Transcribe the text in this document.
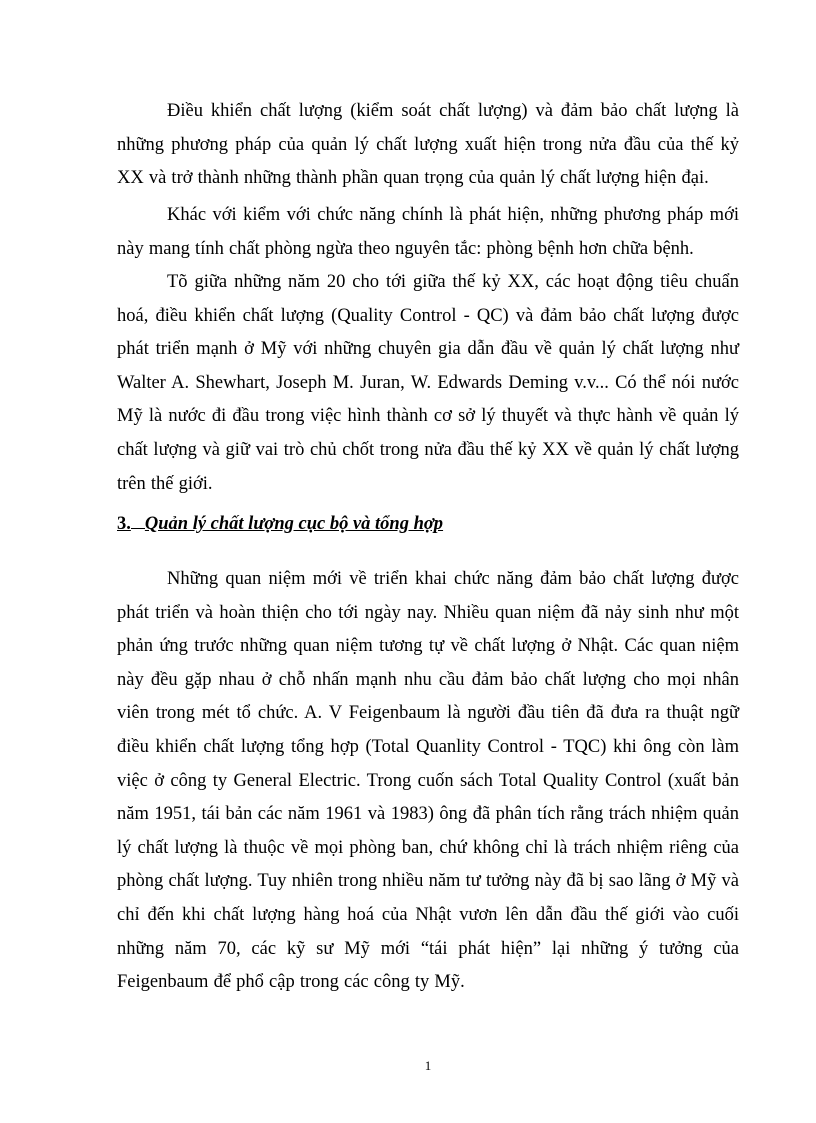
Điều khiển chất lượng (kiểm soát chất lượng) và đảm bảo chất lượng là những phương pháp của quản lý chất lượng xuất hiện trong nửa đầu của thế kỷ XX và trở thành những thành phần quan trọng của quản lý chất lượng hiện đại.

Khác với kiểm với chức năng chính là phát hiện, những phương pháp mới này mang tính chất phòng ngừa theo nguyên tắc: phòng bệnh hơn chữa bệnh.

Tõ giữa những năm 20 cho tới giữa thế kỷ XX, các hoạt động tiêu chuẩn hoá, điều khiển chất lượng (Quality Control - QC) và đảm bảo chất lượng được phát triển mạnh ở Mỹ với những chuyên gia dẫn đầu về quản lý chất lượng như Walter A. Shewhart, Joseph M. Juran, W. Edwards Deming v.v... Có thể nói nước Mỹ là nước đi đầu trong việc hình thành cơ sở lý thuyết và thực hành về quản lý chất lượng và giữ vai trò chủ chốt trong nửa đầu thế kỷ XX về quản lý chất lượng trên thế giới.

3. Quản lý chất lượng cục bộ và tổng hợp

Những quan niệm mới về triển khai chức năng đảm bảo chất lượng được phát triển và hoàn thiện cho tới ngày nay. Nhiều quan niệm đã nảy sinh như một phản ứng trước những quan niệm tương tự về chất lượng ở Nhật. Các quan niệm này đều gặp nhau ở chỗ nhấn mạnh nhu cầu đảm bảo chất lượng cho mọi nhân viên trong mét tổ chức. A. V Feigenbaum là người đầu tiên đã đưa ra thuật ngữ điều khiển chất lượng tổng hợp (Total Quanlity Control - TQC) khi ông còn làm việc ở công ty General Electric. Trong cuốn sách Total Quality Control (xuất bản năm 1951, tái bản các năm 1961 và 1983) ông đã phân tích rằng trách nhiệm quản lý chất lượng là thuộc về mọi phòng ban, chứ không chỉ là trách nhiệm riêng của phòng chất lượng. Tuy nhiên trong nhiều năm tư tưởng này đã bị sao lãng ở Mỹ và chỉ đến khi chất lượng hàng hoá của Nhật vươn lên dẫn đầu thế giới vào cuối những năm 70, các kỹ sư Mỹ mới “tái phát hiện” lại những ý tưởng của Feigenbaum để phổ cập trong các công ty Mỹ.

1
